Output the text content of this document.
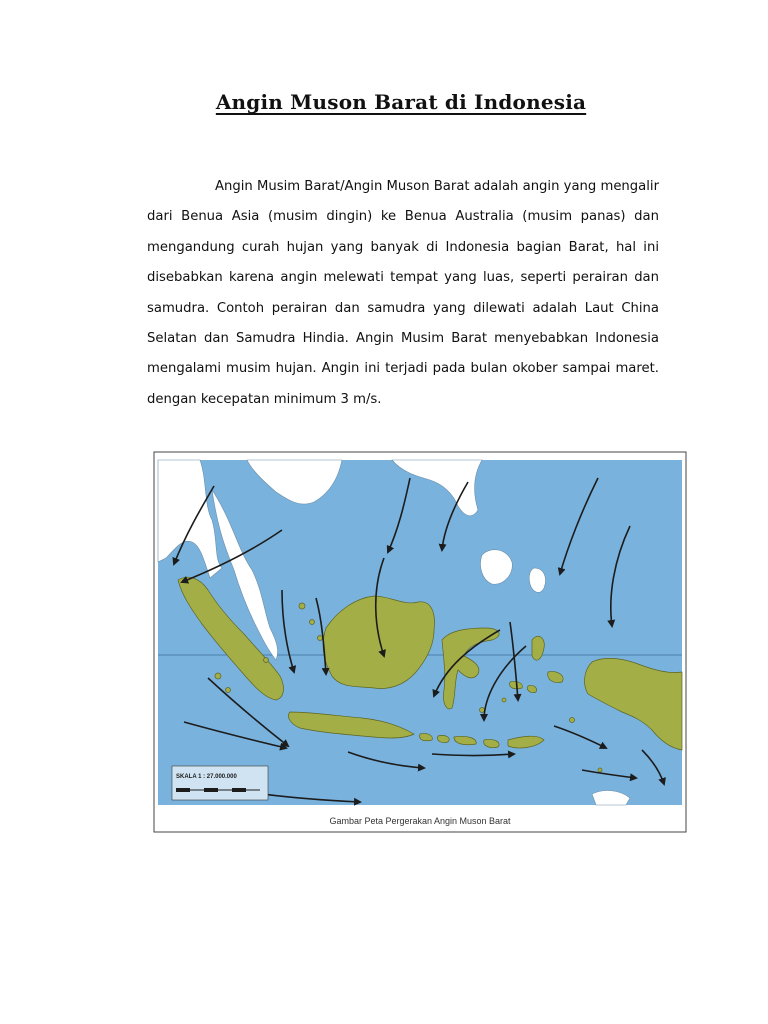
Angin Muson Barat di Indonesia

Angin Musim Barat/Angin Muson Barat adalah angin yang mengalir dari Benua Asia (musim dingin) ke Benua Australia (musim panas) dan mengandung curah hujan yang banyak di Indonesia bagian Barat, hal ini disebabkan karena angin melewati tempat yang luas, seperti perairan dan samudra. Contoh perairan dan samudra yang dilewati adalah Laut China Selatan dan Samudra Hindia. Angin Musim Barat menyebabkan Indonesia mengalami musim hujan. Angin ini terjadi pada bulan okober sampai maret. dengan kecepatan minimum 3 m/s.

SKALA 1 : 27.000.000
Gambar Peta Pergerakan Angin Muson Barat
